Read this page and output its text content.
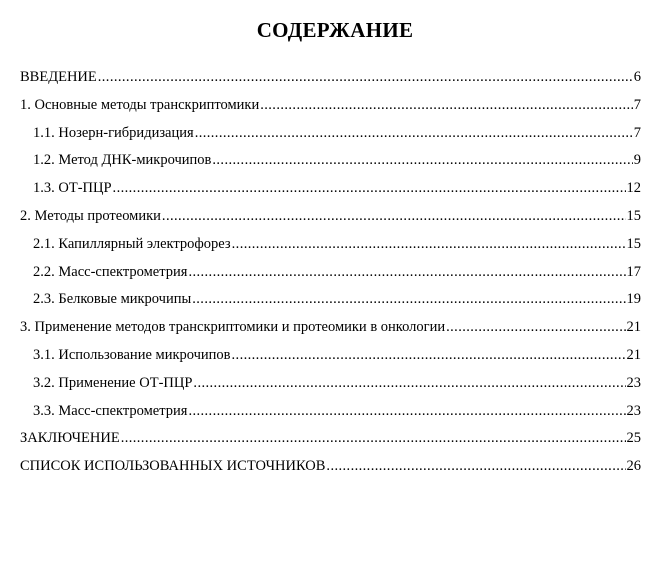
СОДЕРЖАНИЕ
ВВЕДЕНИЕ .....	6
1. Основные методы транскриптомики .....	7
1.1. Нозерн-гибридизация .....	7
1.2. Метод ДНК-микрочипов .....	9
1.3. ОТ-ПЦР .....	12
2. Методы протеомики .....	15
2.1. Капиллярный электрофорез .....	15
2.2. Масс-спектрометрия .....	17
2.3. Белковые микрочипы .....	19
3. Применение методов транскриптомики и протеомики в онкологии .....	21
3.1. Использование микрочипов .....	21
3.2. Применение ОТ-ПЦР .....	23
3.3. Масс-спектрометрия .....	23
ЗАКЛЮЧЕНИЕ .....	25
СПИСОК ИСПОЛЬЗОВАННЫХ ИСТОЧНИКОВ .....	26
